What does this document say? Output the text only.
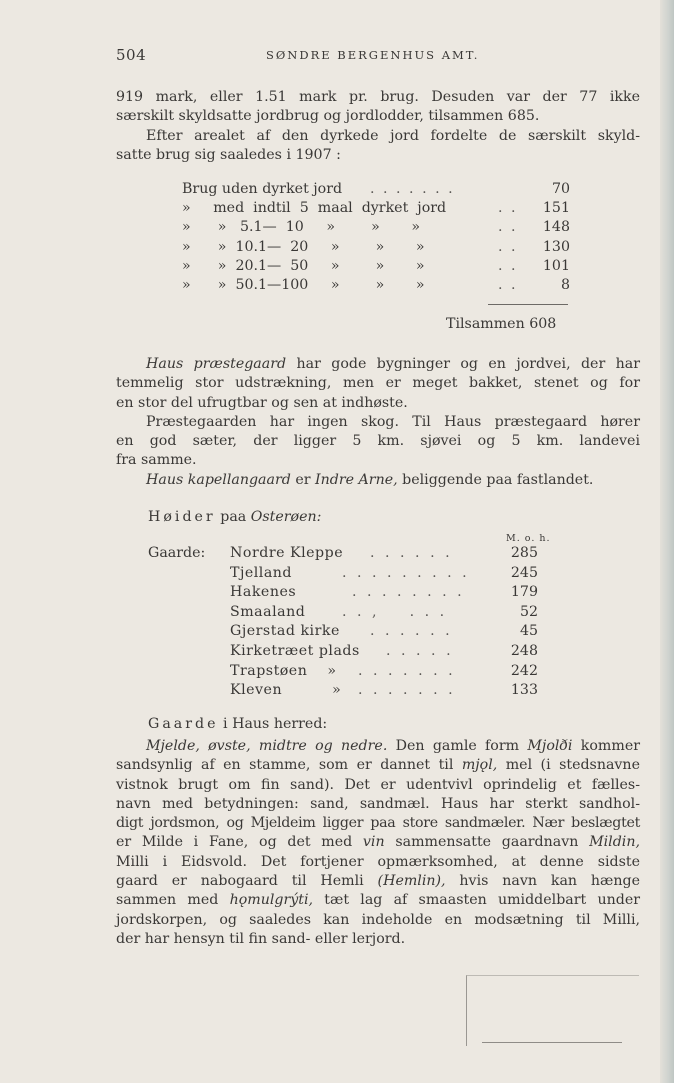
504	SØNDRE BERGENHUS AMT.
919 mark, eller 1.51 mark pr. brug. Desuden var der 77 ikke
særskilt skyldsatte jordbrug og jordlodder, tilsammen 685.
Efter arealet af den dyrkede jord fordelte de særskilt skyld-
satte brug sig saaledes i 1907 :
Brug uden dyrket jord . . . . . . .	70
»     med  indtil  5  maal  dyrket  jord	. . 151
»      »   5.1—  10     »        »       »	. . 148
»      »  10.1—  20     »        »       »	. . 130
»      »  20.1—  50     »        »       »	. . 101
»      »  50.1—100     »        »       »	. .	8
Tilsammen 608
Haus præstegaard har gode bygninger og en jordvei, der har
temmelig stor udstrækning, men er meget bakket, stenet og for
en stor del ufrugtbar og sen at indhøste.
Præstegaarden har ingen skog. Til Haus præstegaard hører
en god sæter, der ligger 5 km. sjøvei og 5 km. landevei
fra samme.
Haus kapellangaard er Indre Arne, beliggende paa fastlandet.
Høider paa Osterøen:
M. o. h.
Gaarde: Nordre Kleppe . . . . . .	285
Tjelland	. . . . . . . . .	245
Hakenes	. . . . . . . .	179
Smaaland	. . ,    . . .	52
Gjerstad kirke . . . . . .	45
Kirketræet plads . . . . .	248
Trapstøen    » . . . . . . .	242
Kleven          » . . . . . . .	133
Gaarde i Haus herred:
Mjelde, øvste, midtre og nedre. Den gamle form Mjolði kommer
sandsynlig af en stamme, som er dannet til mjǫl, mel (i stedsnavne
vistnok brugt om fin sand). Det er udentvivl oprindelig et fælles-
navn med betydningen: sand, sandmæl. Haus har sterkt sandhol-
digt jordsmon, og Mjeldeim ligger paa store sandmæler. Nær beslægtet
er Milde i Fane, og det med vin sammensatte gaardnavn Mildin,
Milli i Eidsvold. Det fortjener opmærksomhed, at denne sidste
gaard er nabogaard til Hemli (Hemlin), hvis navn kan hænge
sammen med hǫmulgrýti, tæt lag af smaasten umiddelbart under
jordskorpen, og saaledes kan indeholde en modsætning til Milli,
der har hensyn til fin sand- eller lerjord.
